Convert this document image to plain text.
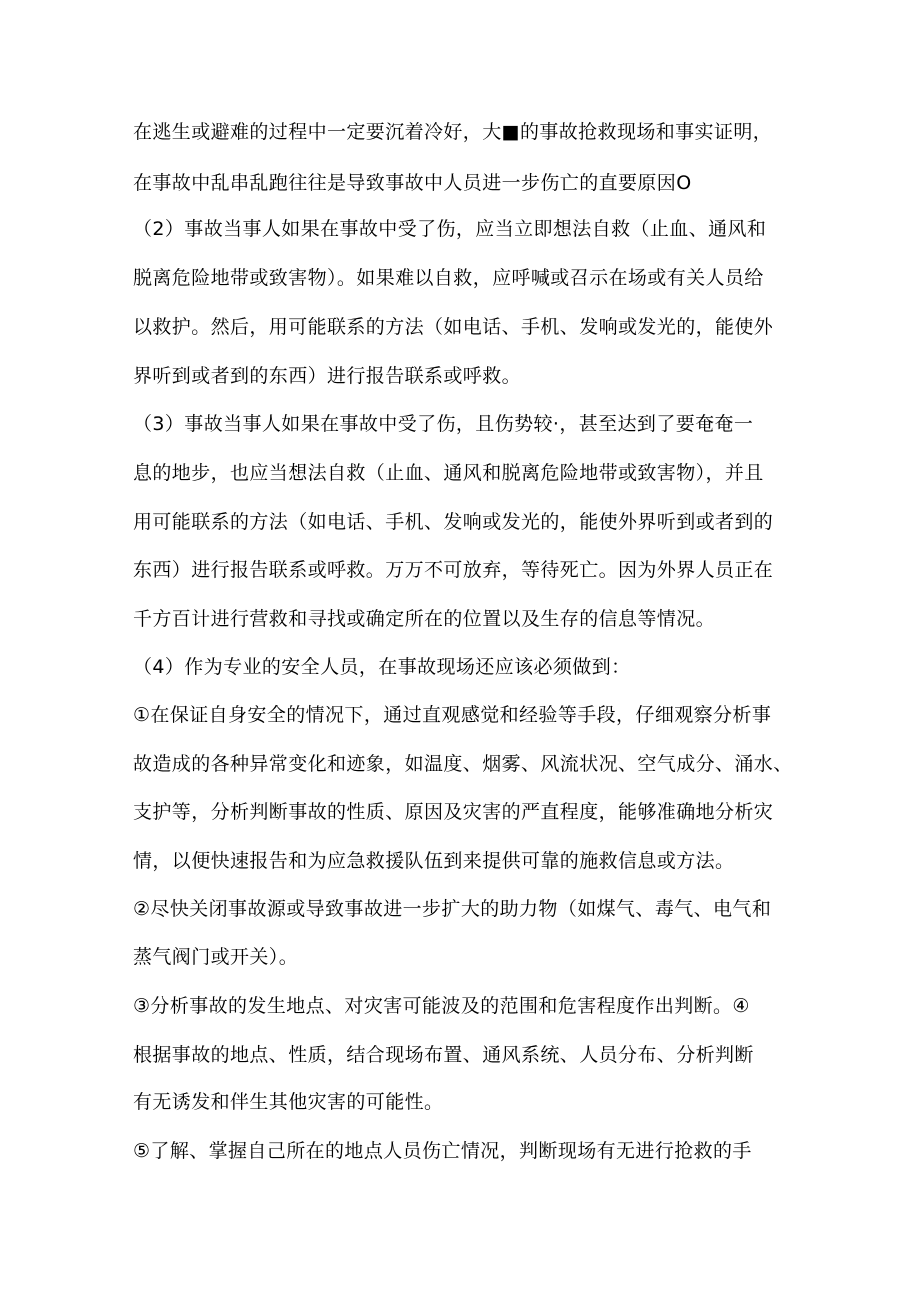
在逃生或避难的过程中一定要沉着冷好，大■的事故抢救现场和事实证明，
在事故中乱串乱跑往往是导致事故中人员进一步伤亡的直要原因O
（2）事故当事人如果在事故中受了伤，应当立即想法自救（止血、通风和
脱离危险地带或致害物）。如果难以自救，应呼喊或召示在场或有关人员给
以救护。然后，用可能联系的方法（如电话、手机、发响或发光的，能使外
界听到或者到的东西）进行报告联系或呼救。
（3）事故当事人如果在事故中受了伤，且伤势较·，甚至达到了要奄奄一
息的地步，也应当想法自救（止血、通风和脱离危险地带或致害物），并且
用可能联系的方法（如电话、手机、发响或发光的，能使外界听到或者到的
东西）进行报告联系或呼救。万万不可放弃，等待死亡。因为外界人员正在
千方百计进行营救和寻找或确定所在的位置以及生存的信息等情况。
（4）作为专业的安全人员，在事故现场还应该必须做到：
①在保证自身安全的情况下，通过直观感觉和经验等手段，仔细观察分析事
故造成的各种异常变化和迹象，如温度、烟雾、风流状况、空气成分、涌水、
支护等，分析判断事故的性质、原因及灾害的严直程度，能够准确地分析灾
情，以便快速报告和为应急救援队伍到来提供可靠的施救信息或方法。
②尽快关闭事故源或导致事故进一步扩大的助力物（如煤气、毒气、电气和
蒸气阀门或开关）。
③分析事故的发生地点、对灾害可能波及的范围和危害程度作出判断。④
根据事故的地点、性质，结合现场布置、通风系统、人员分布、分析判断
有无诱发和伴生其他灾害的可能性。
⑤了解、掌握自己所在的地点人员伤亡情况，判断现场有无进行抢救的手
